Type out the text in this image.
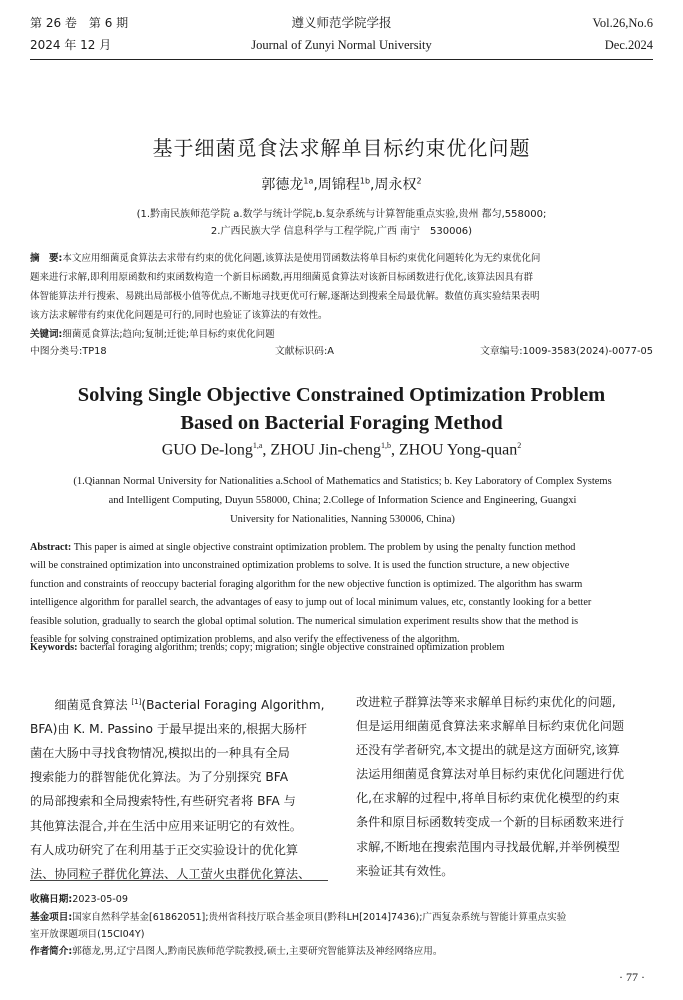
第 26 卷　第 6 期
2024 年 12 月
遵义师范学院学报
Journal of Zunyi Normal University
Vol.26,No.6
Dec.2024
基于细菌觅食法求解单目标约束优化问题
郭德龙$^{1a}$,周锦程$^{1b}$,周永权$^2$
(1.黔南民族师范学院 a.数学与统计学院,b.复杂系统与计算智能重点实验,贵州 都匀,558000;
2.广西民族大学 信息科学与工程学院,广西 南宁　530006)
摘　要:本文应用细菌觅食算法去求带有约束的优化问题,该算法是使用罚函数法将单目标约束优化问题转化为无约束优化问
题来进行求解,即利用原函数和约束函数构造一个新目标函数,再用细菌觅食算法对该新目标函数进行优化,该算法因具有群
体智能算法并行搜索、易跳出局部极小值等优点,不断地寻找更优可行解,逐渐达到搜索全局最优解。数值仿真实验结果表明
该方法求解带有约束优化问题是可行的,同时也验证了该算法的有效性。
关键词:细菌觅食算法;趋向;复制;迁徙;单目标约束优化问题
中图分类号:TP18	文献标识码:A	文章编号:1009-3583(2024)-0077-05
Solving Single Objective Constrained Optimization Problem
Based on Bacterial Foraging Method
GUO De-long$^{1,a}$, ZHOU Jin-cheng$^{1,b}$, ZHOU Yong-quan$^2$
(1.Qiannan Normal University for Nationalities a.School of Mathematics and Statistics; b. Key Laboratory of Complex Systems
and Intelligent Computing, Duyun 558000, China; 2.College of Information Science and Engineering, Guangxi
University for Nationalities, Nanning 530006, China)
Abstract: This paper is aimed at single objective constraint optimization problem. The problem by using the penalty function method
will be constrained optimization into unconstrained optimization problems to solve. It is used the function structure, a new objective
function and constraints of reoccupy bacterial foraging algorithm for the new objective function is optimized. The algorithm has swarm
intelligence algorithm for parallel search, the advantages of easy to jump out of local minimum values, etc, constantly looking for a better
feasible solution, gradually to search the global optimal solution. The numerical simulation experiment results show that the method is
feasible for solving constrained optimization problems, and also verify the effectiveness of the algorithm.
Keywords: bacterial foraging algorithm; trends; copy; migration; single objective constrained optimization problem
细菌觅食算法 [1](Bacterial Foraging Algorithm,
BFA)由 K. M. Passino 于最早提出来的,根据大肠杆
菌在大肠中寻找食物情况,模拟出的一种具有全局
搜索能力的群智能优化算法。为了分别探究 BFA
的局部搜索和全局搜索特性,有些研究者将 BFA 与
其他算法混合,并在生活中应用来证明它的有效性。
有人成功研究了在利用基于正交实验设计的优化算
法、协同粒子群优化算法、人工萤火虫群优化算法、
改进粒子群算法等来求解单目标约束优化的问题,
但是运用细菌觅食算法来求解单目标约束优化问题
还没有学者研究,本文提出的就是这方面研究,该算
法运用细菌觅食算法对单目标约束优化问题进行优
化,在求解的过程中,将单目标约束优化模型的约束
条件和原目标函数转变成一个新的目标函数来进行
求解,不断地在搜索范围内寻找最优解,并举例模型
来验证其有效性。
收稿日期:2023-05-09
基金项目:国家自然科学基金[61862051];贵州省科技厅联合基金项目(黔科LH[2014]7436);广西复杂系统与智能计算重点实验
室开放课题项目(15CI04Y)
作者简介:郭德龙,男,辽宁昌图人,黔南民族师范学院教授,硕士,主要研究智能算法及神经网络应用。
· 77 ·
